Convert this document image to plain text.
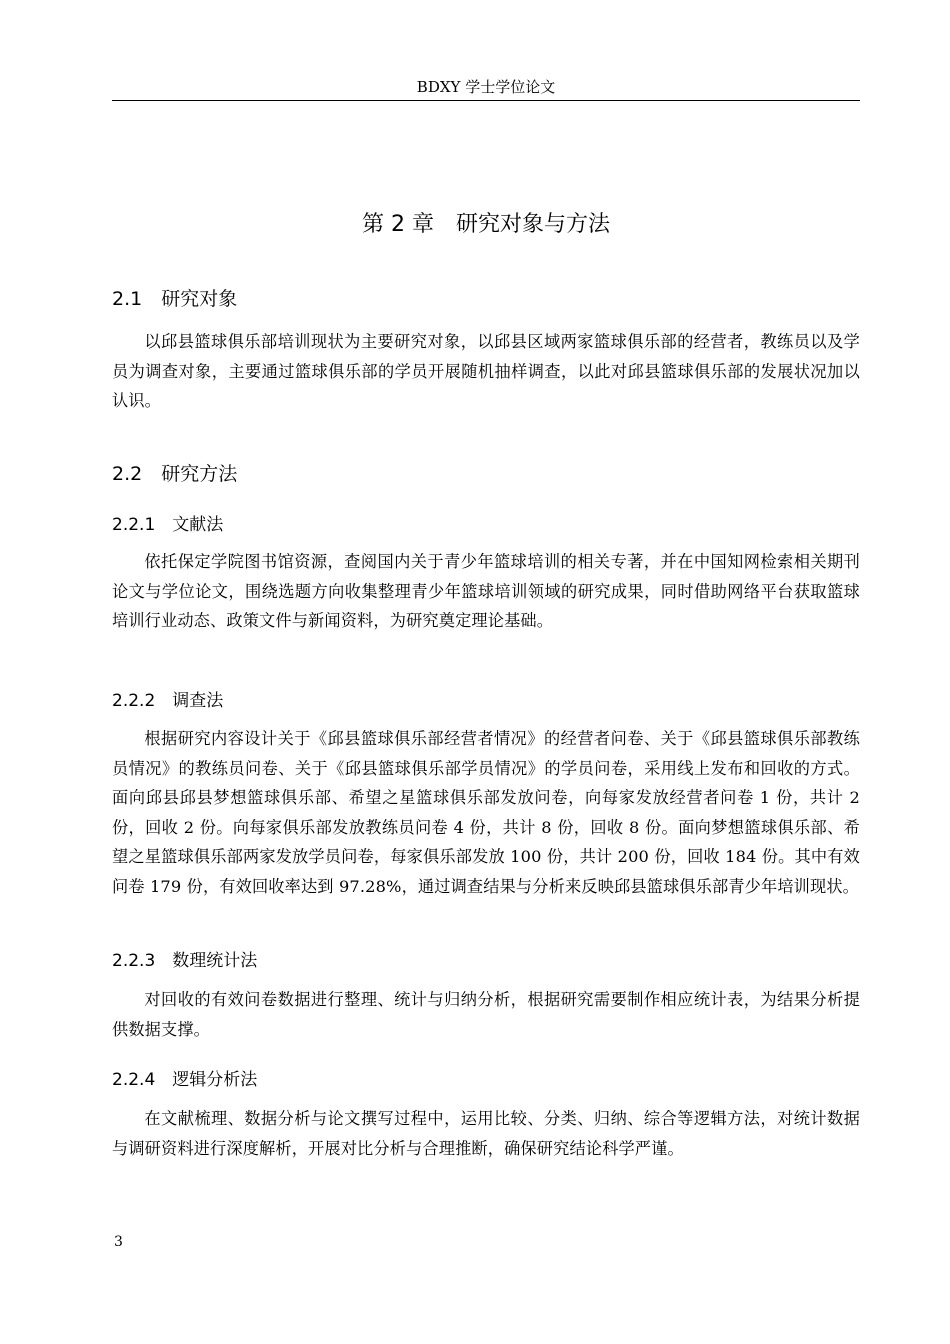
BDXY 学士学位论文
第 2 章　研究对象与方法
2.1　研究对象
以邱县篮球俱乐部培训现状为主要研究对象，以邱县区域两家篮球俱乐部的经营者，教练员以及学员为调查对象，主要通过篮球俱乐部的学员开展随机抽样调查，以此对邱县篮球俱乐部的发展状况加以认识。
2.2　研究方法
2.2.1　文献法
依托保定学院图书馆资源，查阅国内关于青少年篮球培训的相关专著，并在中国知网检索相关期刊论文与学位论文，围绕选题方向收集整理青少年篮球培训领域的研究成果，同时借助网络平台获取篮球培训行业动态、政策文件与新闻资料，为研究奠定理论基础。
2.2.2　调查法
根据研究内容设计关于《邱县篮球俱乐部经营者情况》的经营者问卷、关于《邱县篮球俱乐部教练员情况》的教练员问卷、关于《邱县篮球俱乐部学员情况》的学员问卷，采用线上发布和回收的方式。面向邱县邱县梦想篮球俱乐部、希望之星篮球俱乐部发放问卷，向每家发放经营者问卷 1 份，共计 2 份，回收 2 份。向每家俱乐部发放教练员问卷 4 份，共计 8 份，回收 8 份。面向梦想篮球俱乐部、希望之星篮球俱乐部两家发放学员问卷，每家俱乐部发放 100 份，共计 200 份，回收 184 份。其中有效问卷 179 份，有效回收率达到 97.28%，通过调查结果与分析来反映邱县篮球俱乐部青少年培训现状。
2.2.3　数理统计法
对回收的有效问卷数据进行整理、统计与归纳分析，根据研究需要制作相应统计表，为结果分析提供数据支撑。
2.2.4　逻辑分析法
在文献梳理、数据分析与论文撰写过程中，运用比较、分类、归纳、综合等逻辑方法，对统计数据与调研资料进行深度解析，开展对比分析与合理推断，确保研究结论科学严谨。
3
